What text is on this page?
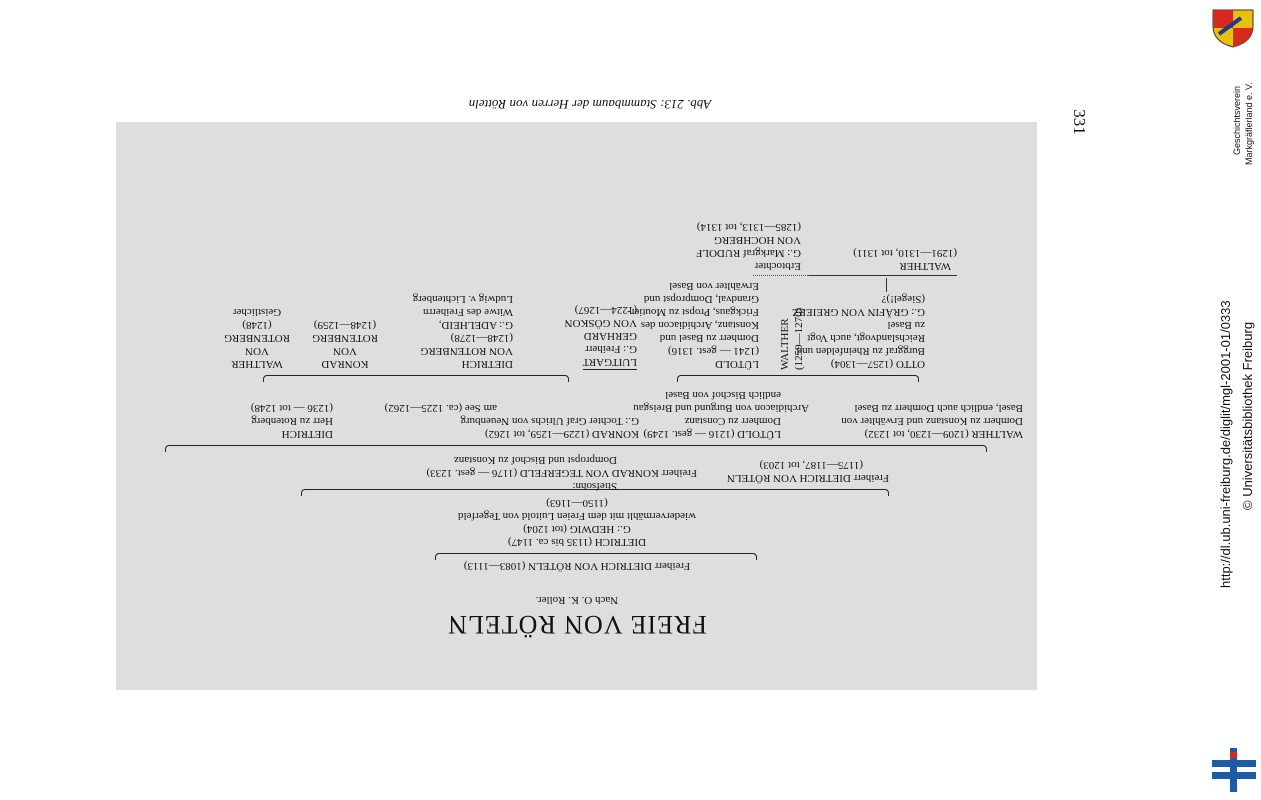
331
Abb. 213: Stammbaum der Herren von Rötteln
FREIE VON RÖTELN
Nach O. K. Roller.
Freiherr DIETRICH VON RÖTELN (1083—1113)
DIETRICH (1135 bis ca. 1147)
G.: HEDWIG (tot 1204)
wiedervermählt mit dem Freien Luitold von Tegerfeld
(1150—1163)
Freiherr DIETRICH VON RÖTELN
(1175—1187, tot 1203)
Stiefsohn:
Freiherr KONRAD VON TEGERFELD (1176 — gest. 1233)
Dompropst und Bischof zu Konstanz
WALTHER (1209—1230, tot 1232)
Domherr zu Konstanz und Erwählter von
Basel, endlich auch Domherr zu Basel
LÜTOLD (1216 — gest. 1249)
Domherr zu Constanz
Archidiacon von Burgund und Breisgau
endlich Bischof von Basel
KONRAD (1229—1259, tot 1262)
G.: Tochter Graf Ulrichs von Neuenburg
am See (ca. 1225—1262)
DIETRICH
Herr zu Rotenberg
(1236 — tot 1248)
OTTO (1257—1304)
Burggraf zu Rheinfelden und
Reichslandvogt, auch Vogt
zu Basel
G.: GRÄFIN VON GREIERZ
(Siegel!)?
WALTHER (1259—1270)
LÜTOLD
(1241 — gest. 1316)
Domherr zu Basel und
Konstanz, Archidiacon des
Frickgaus, Propst zu Moutier-
Grandval, Dompropst und
Erwählter von Basel
LUITGART
G.: Freiherr
GERHARD
VON GÖSKON
(1224—1267)
DIETRICH
VON ROTENBERG
(1248—1278)
G.: ADELHEID,
Witwe des Freiherrn
Ludwig v. Lichtenberg
KONRAD
VON
ROTENBERG
(1248—1259)
WALTHER
VON
ROTENBERG
(1248)
Geistlicher
WALTHER
(1291—1310, tot 1311)
Erbtochter
G.: Markgraf RUDOLF
VON HOCHBERG
(1285—1313, tot 1314)
Geschichtsverein Markgräflerland e. V.
http://dl.ub.uni-freiburg.de/diglit/mgl-2001-01/0333 © Universitätsbibliothek Freiburg
